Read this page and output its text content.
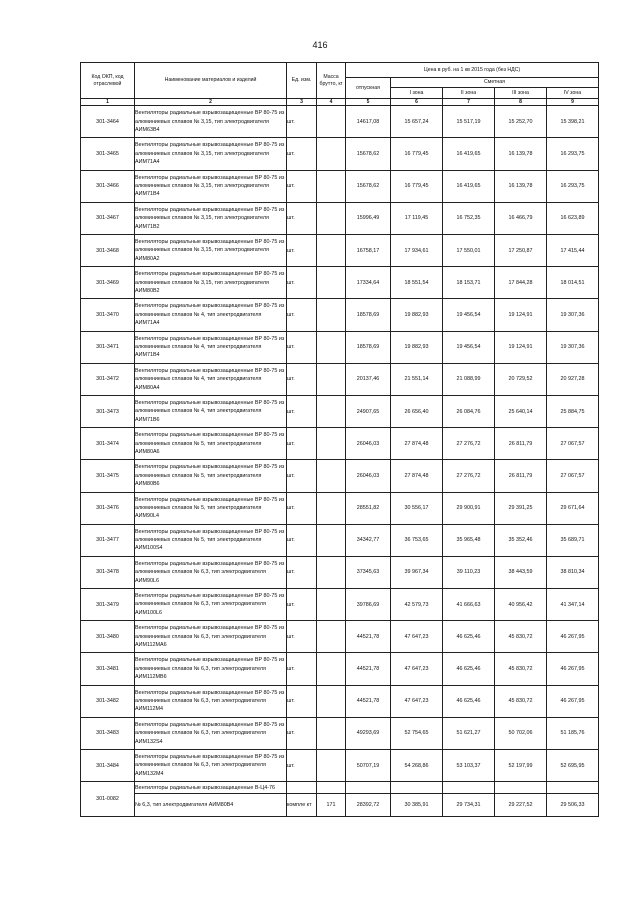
416
Код ОКП, код отраслевой	Наименование материалов и изделий	Ед. изм.	Масса брутто, кг	Цена в руб. на 1 кв 2015 года (без НДС)				
				отпускная	Сметная			
					I зона	II зона	III зона	IV зона
1	2	3	4	5	6	7	8	9
301-3464	Вентиляторы радиальные взрывозащищенные ВР 80-75 из алюминиевых сплавов № 3,15, тип электродвигателя АИМ63В4	шт.		14617,08	15 657,24	15 517,19	15 252,70	15 398,21
301-3465	Вентиляторы радиальные взрывозащищенные ВР 80-75 из алюминиевых сплавов № 3,15, тип электродвигателя АИМ71А4	шт.		15678,62	16 779,45	16 419,65	16 139,78	16 293,75
301-3466	Вентиляторы радиальные взрывозащищенные ВР 80-75 из алюминиевых сплавов № 3,15, тип электродвигателя АИМ71В4	шт.		15678,62	16 779,45	16 419,65	16 139,78	16 293,75
301-3467	Вентиляторы радиальные взрывозащищенные ВР 80-75 из алюминиевых сплавов № 3,15, тип электродвигателя АИМ71В2	шт.		15996,49	17 119,45	16 752,35	16 466,79	16 623,89
301-3468	Вентиляторы радиальные взрывозащищенные ВР 80-75 из алюминиевых сплавов № 3,15, тип электродвигателя АИМ80А2	шт.		16758,17	17 934,61	17 550,01	17 250,87	17 415,44
301-3469	Вентиляторы радиальные взрывозащищенные ВР 80-75 из алюминиевых сплавов № 3,15, тип электродвигателя АИМ80В2	шт.		17334,64	18 551,54	18 153,71	17 844,28	18 014,51
301-3470	Вентиляторы радиальные взрывозащищенные ВР 80-75 из алюминиевых сплавов № 4, тип электродвигателя АИМ71А4	шт.		18578,69	19 882,93	19 456,54	19 124,91	19 307,36
301-3471	Вентиляторы радиальные взрывозащищенные ВР 80-75 из алюминиевых сплавов № 4, тип электродвигателя АИМ71В4	шт.		18578,69	19 882,93	19 456,54	19 124,91	19 307,36
301-3472	Вентиляторы радиальные взрывозащищенные ВР 80-75 из алюминиевых сплавов № 4, тип электродвигателя АИМ80А4	шт.		20137,46	21 551,14	21 088,99	20 729,52	20 927,28
301-3473	Вентиляторы радиальные взрывозащищенные ВР 80-75 из алюминиевых сплавов № 4, тип электродвигателя АИМ71В6	шт.		24907,65	26 656,40	26 084,76	25 640,14	25 884,75
301-3474	Вентиляторы радиальные взрывозащищенные ВР 80-75 из алюминиевых сплавов № 5, тип электродвигателя АИМ80А6	шт.		26046,03	27 874,48	27 276,72	26 811,79	27 067,57
301-3475	Вентиляторы радиальные взрывозащищенные ВР 80-75 из алюминиевых сплавов № 5, тип электродвигателя АИМ80В6	шт.		26046,03	27 874,48	27 276,72	26 811,79	27 067,57
301-3476	Вентиляторы радиальные взрывозащищенные ВР 80-75 из алюминиевых сплавов № 5, тип электродвигателя АИМ90L4	шт.		28551,82	30 556,17	29 900,91	29 391,25	29 671,64
301-3477	Вентиляторы радиальные взрывозащищенные ВР 80-75 из алюминиевых сплавов № 5, тип электродвигателя АИМ100S4	шт.		34342,77	36 753,65	35 965,48	35 352,46	35 689,71
301-3478	Вентиляторы радиальные взрывозащищенные ВР 80-75 из алюминиевых сплавов № 6,3, тип электродвигателя АИМ90L6	шт.		37345,63	39 967,34	39 110,23	38 443,59	38 810,34
301-3479	Вентиляторы радиальные взрывозащищенные ВР 80-75 из алюминиевых сплавов № 6,3, тип электродвигателя АИМ100L6	шт.		39786,69	42 579,73	41 666,63	40 956,42	41 347,14
301-3480	Вентиляторы радиальные взрывозащищенные ВР 80-75 из алюминиевых сплавов № 6,3, тип электродвигателя АИМ112МА6	шт.		44521,78	47 647,23	46 625,46	45 830,72	46 267,95
301-3481	Вентиляторы радиальные взрывозащищенные ВР 80-75 из алюминиевых сплавов № 6,3, тип электродвигателя АИМ112МВ6	шт.		44521,78	47 647,23	46 625,46	45 830,72	46 267,95
301-3482	Вентиляторы радиальные взрывозащищенные ВР 80-75 из алюминиевых сплавов № 6,3, тип электродвигателя АИМ112М4	шт.		44521,78	47 647,23	46 625,46	45 830,72	46 267,95
301-3483	Вентиляторы радиальные взрывозащищенные ВР 80-75 из алюминиевых сплавов № 6,3, тип электродвигателя АИМ132S4	шт.		49293,69	52 754,65	51 621,27	50 702,06	51 185,76
301-3484	Вентиляторы радиальные взрывозащищенные ВР 80-75 из алюминиевых сплавов № 6,3, тип электродвигателя АИМ132М4	шт.		50707,19	54 268,86	53 103,37	52 197,99	52 695,95
301-0082	Вентиляторы радиальные взрывозащищенные В-Ц4-76							
	№ 6,3, тип электродвигателя АИМ80В4	компле кт	171	28392,72	30 385,91	29 734,31	29 227,52	29 506,33
